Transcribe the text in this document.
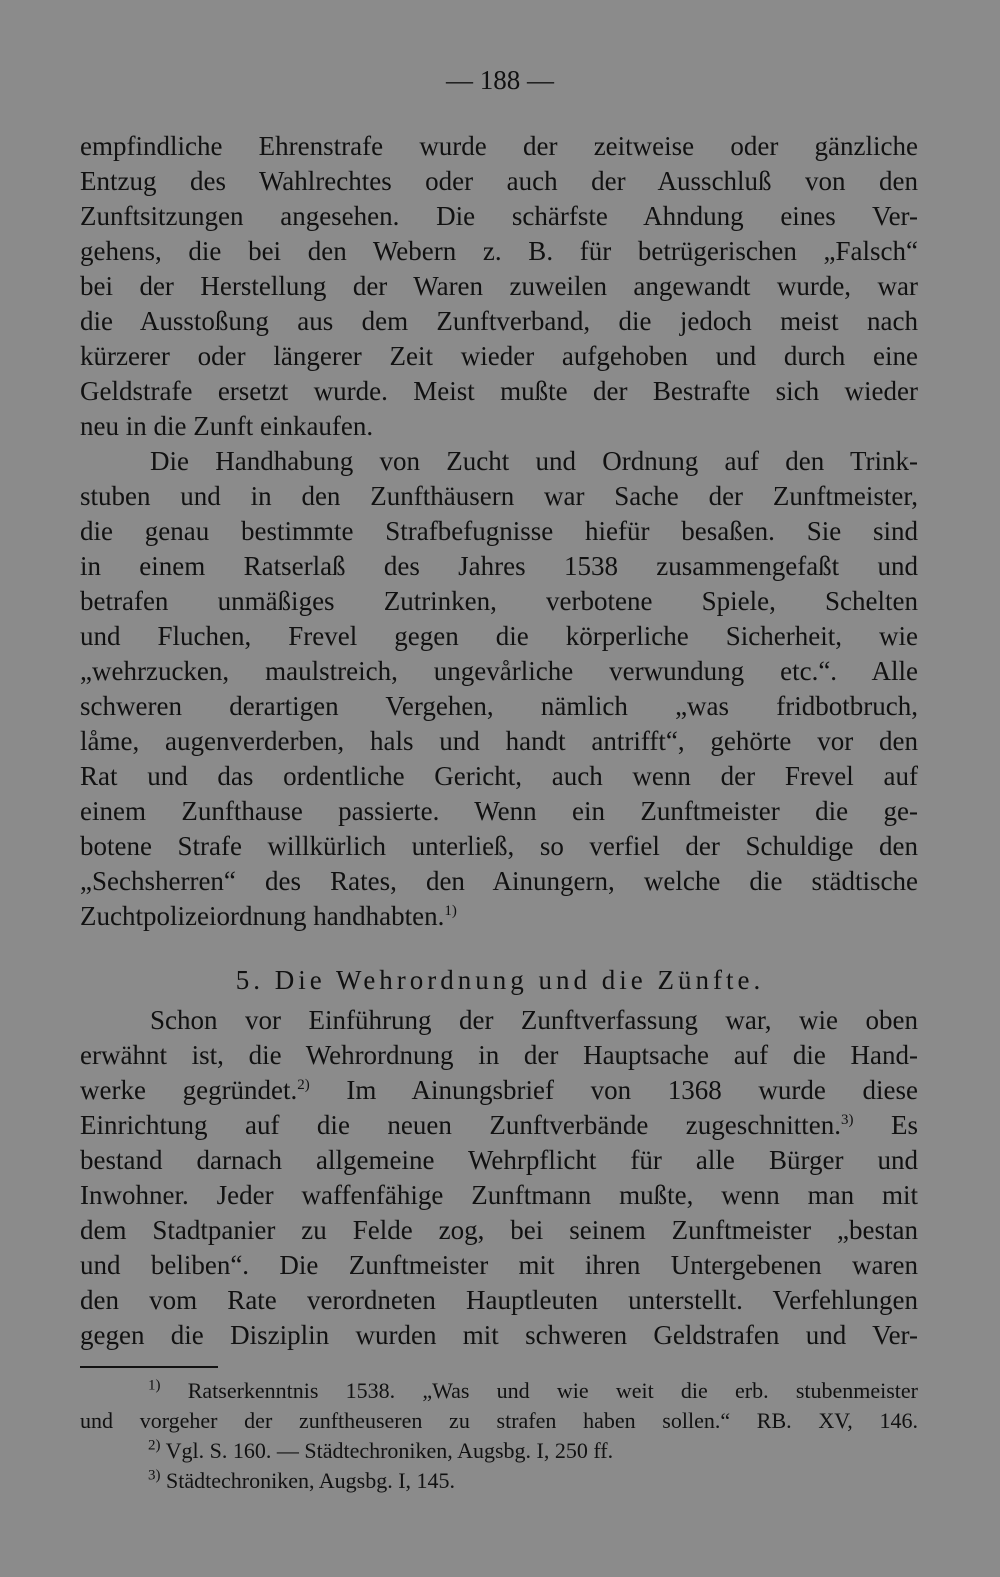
— 188 —
empfindliche Ehrenstrafe wurde der zeitweise oder gänzliche
Entzug des Wahlrechtes oder auch der Ausschluß von den
Zunftsitzungen angesehen. Die schärfste Ahndung eines Ver-
gehens, die bei den Webern z. B. für betrügerischen „Falsch“
bei der Herstellung der Waren zuweilen angewandt wurde, war
die Ausstoßung aus dem Zunftverband, die jedoch meist nach
kürzerer oder längerer Zeit wieder aufgehoben und durch eine
Geldstrafe ersetzt wurde. Meist mußte der Bestrafte sich wieder
neu in die Zunft einkaufen.
Die Handhabung von Zucht und Ordnung auf den Trink-
stuben und in den Zunfthäusern war Sache der Zunftmeister,
die genau bestimmte Strafbefugnisse hiefür besaßen. Sie sind
in einem Ratserlaß des Jahres 1538 zusammengefaßt und
betrafen unmäßiges Zutrinken, verbotene Spiele, Schelten
und Fluchen, Frevel gegen die körperliche Sicherheit, wie
„wehrzucken, maulstreich, ungevårliche verwundung etc.“. Alle
schweren derartigen Vergehen, nämlich „was fridbotbruch,
låme, augenverderben, hals und handt antrifft“, gehörte vor den
Rat und das ordentliche Gericht, auch wenn der Frevel auf
einem Zunfthause passierte. Wenn ein Zunftmeister die ge-
botene Strafe willkürlich unterließ, so verfiel der Schuldige den
„Sechsherren“ des Rates, den Ainungern, welche die städtische
Zuchtpolizeiordnung handhabten.$^{1)}$
5. Die Wehrordnung und die Zünfte.
Schon vor Einführung der Zunftverfassung war, wie oben
erwähnt ist, die Wehrordnung in der Hauptsache auf die Hand-
werke gegründet.$^{2)}$ Im Ainungsbrief von 1368 wurde diese
Einrichtung auf die neuen Zunftverbände zugeschnitten.$^{3)}$ Es
bestand darnach allgemeine Wehrpflicht für alle Bürger und
Inwohner. Jeder waffenfähige Zunftmann mußte, wenn man mit
dem Stadtpanier zu Felde zog, bei seinem Zunftmeister „bestan
und beliben“. Die Zunftmeister mit ihren Untergebenen waren
den vom Rate verordneten Hauptleuten unterstellt. Verfehlungen
gegen die Disziplin wurden mit schweren Geldstrafen und Ver-
$^{1)}$ Ratserkenntnis 1538. „Was und wie weit die erb. stubenmeister
und vorgeher der zunftheuseren zu strafen haben sollen.“ RB. XV, 146.
$^{2)}$ Vgl. S. 160. — Städtechroniken, Augsbg. I, 250 ff.
$^{3)}$ Städtechroniken, Augsbg. I, 145.
